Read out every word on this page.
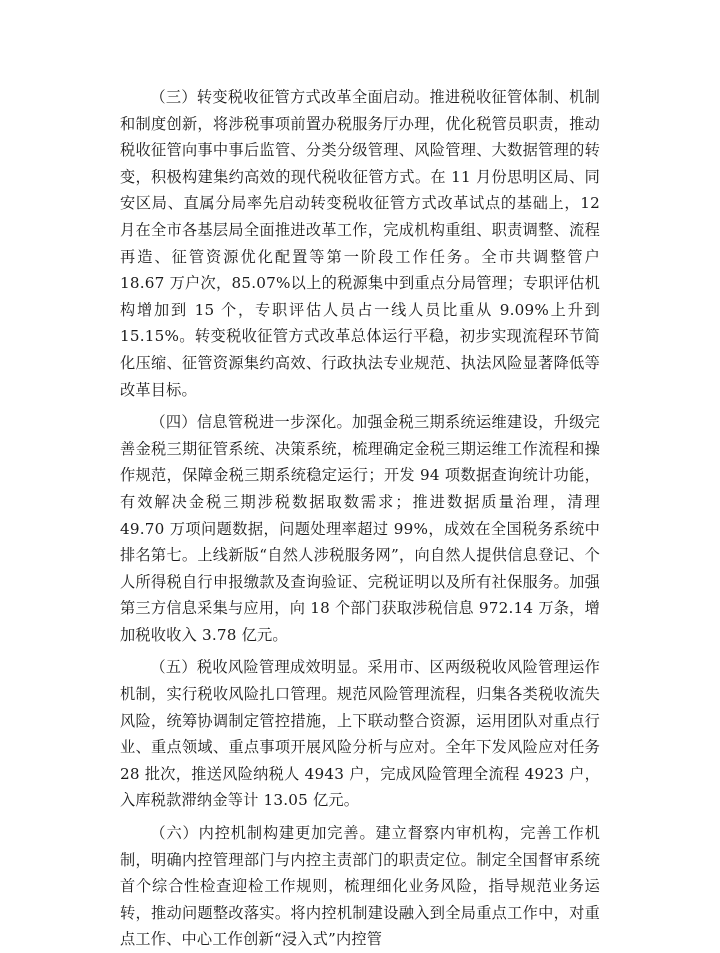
（三）转变税收征管方式改革全面启动。推进税收征管体制、机制和制度创新，将涉税事项前置办税服务厅办理，优化税管员职责，推动税收征管向事中事后监管、分类分级管理、风险管理、大数据管理的转变，积极构建集约高效的现代税收征管方式。在 11 月份思明区局、同安区局、直属分局率先启动转变税收征管方式改革试点的基础上，12 月在全市各基层局全面推进改革工作，完成机构重组、职责调整、流程再造、征管资源优化配置等第一阶段工作任务。全市共调整管户 18.67 万户次，85.07%以上的税源集中到重点分局管理；专职评估机构增加到 15 个，专职评估人员占一线人员比重从 9.09%上升到 15.15%。转变税收征管方式改革总体运行平稳，初步实现流程环节简化压缩、征管资源集约高效、行政执法专业规范、执法风险显著降低等改革目标。

（四）信息管税进一步深化。加强金税三期系统运维建设，升级完善金税三期征管系统、决策系统，梳理确定金税三期运维工作流程和操作规范，保障金税三期系统稳定运行；开发 94 项数据查询统计功能，有效解决金税三期涉税数据取数需求；推进数据质量治理，清理 49.70 万项问题数据，问题处理率超过 99%，成效在全国税务系统中排名第七。上线新版“自然人涉税服务网”，向自然人提供信息登记、个人所得税自行申报缴款及查询验证、完税证明以及所有社保服务。加强第三方信息采集与应用，向 18 个部门获取涉税信息 972.14 万条，增加税收收入 3.78 亿元。

（五）税收风险管理成效明显。采用市、区两级税收风险管理运作机制，实行税收风险扎口管理。规范风险管理流程，归集各类税收流失风险，统筹协调制定管控措施，上下联动整合资源，运用团队对重点行业、重点领域、重点事项开展风险分析与应对。全年下发风险应对任务 28 批次，推送风险纳税人 4943 户，完成风险管理全流程 4923 户，入库税款滞纳金等计 13.05 亿元。

（六）内控机制构建更加完善。建立督察内审机构，完善工作机制，明确内控管理部门与内控主责部门的职责定位。制定全国督审系统首个综合性检查迎检工作规则，梳理细化业务风险，指导规范业务运转，推动问题整改落实。将内控机制建设融入到全局重点工作中，对重点工作、中心工作创新“浸入式”内控管
